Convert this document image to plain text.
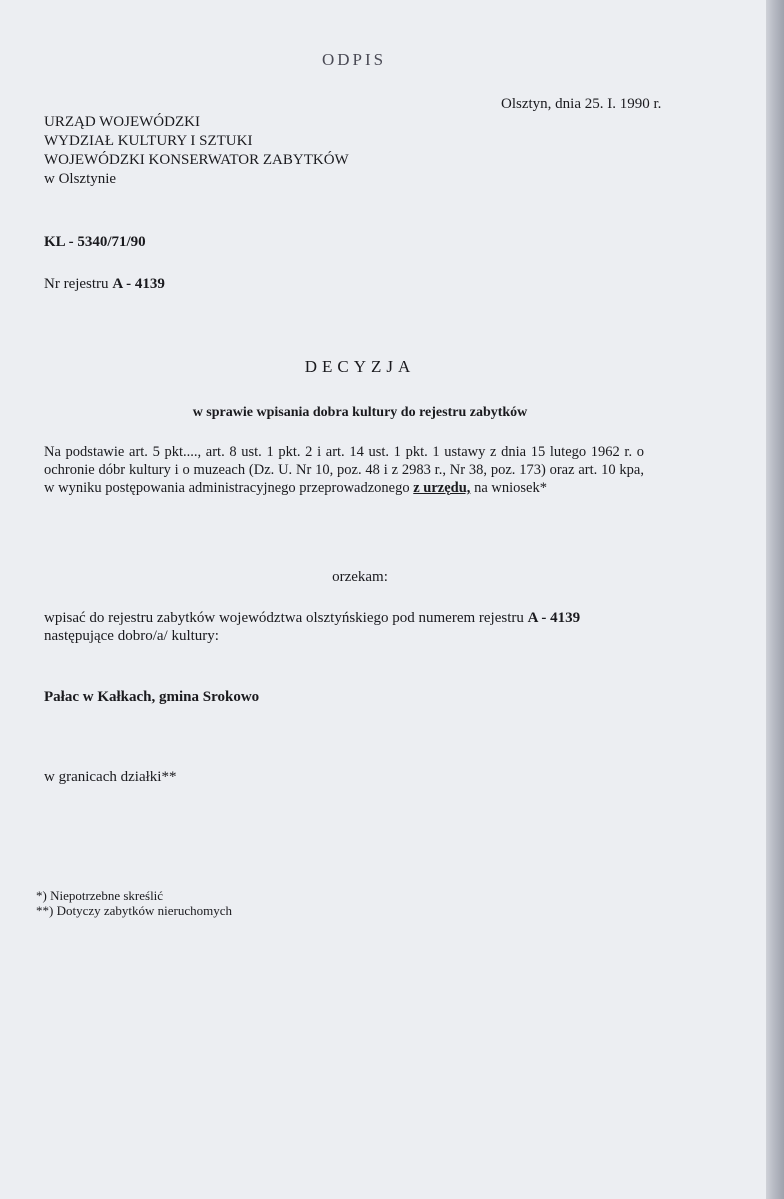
ODPIS
Olsztyn, dnia 25. I. 1990 r.
URZĄD WOJEWÓDZKI
WYDZIAŁ KULTURY I SZTUKI
WOJEWÓDZKI KONSERWATOR ZABYTKÓW
w Olsztynie
KL - 5340/71/90
Nr rejestru A - 4139
DECYZJA
w sprawie wpisania dobra kultury do rejestru zabytków
Na podstawie art. 5 pkt...., art. 8 ust. 1 pkt. 2 i art. 14 ust. 1 pkt. 1 ustawy z dnia 15 lutego 1962 r. o ochronie dóbr kultury i o muzeach (Dz. U. Nr 10, poz. 48 i z 2983 r., Nr 38, poz. 173) oraz art. 10 kpa, w wyniku postępowania administracyjnego przeprowadzonego z urzędu, na wniosek*
orzekam:
wpisać do rejestru zabytków województwa olsztyńskiego pod numerem rejestru A - 4139
następujące dobro/a/ kultury:
Pałac w Kałkach, gmina Srokowo
w granicach działki**
*) Niepotrzebne skreślić
**) Dotyczy zabytków nieruchomych
